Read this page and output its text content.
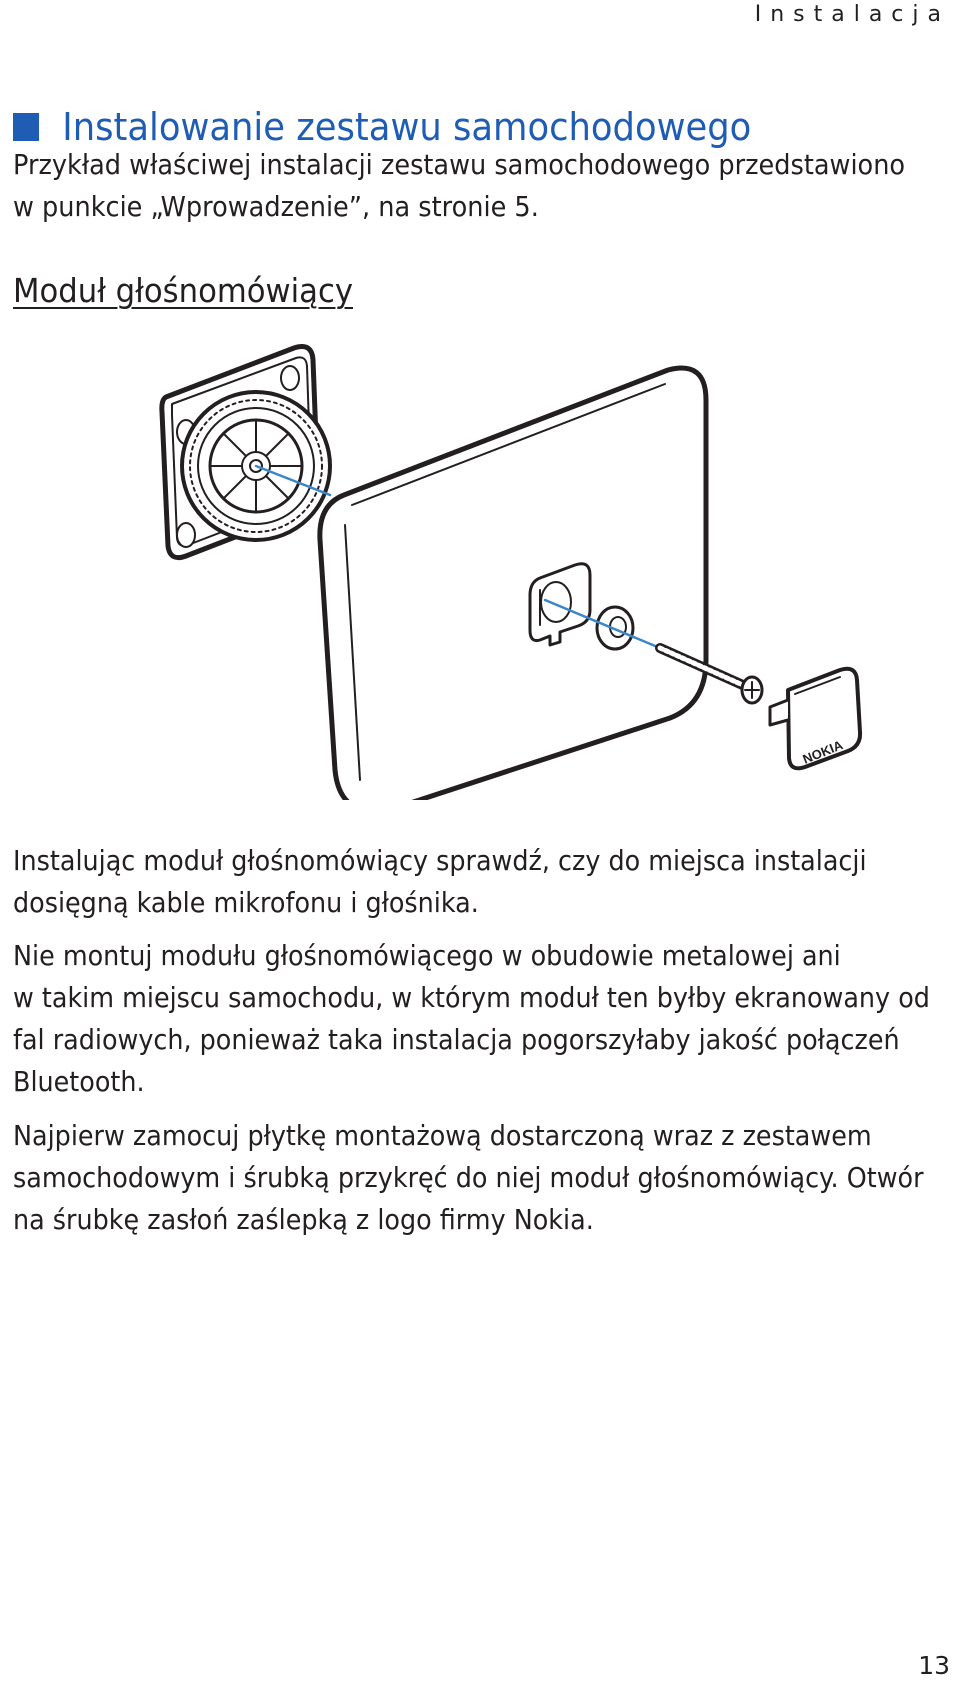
Instalacja
Instalowanie zestawu samochodowego

Przykład właściwej instalacji zestawu samochodowego przedstawiono
w punkcie „Wprowadzenie”, na stronie 5.

Moduł głośnomówiący
NOKIA

Instalując moduł głośnomówiący sprawdź, czy do miejsca instalacji
dosięgną kable mikrofonu i głośnika.

Nie montuj modułu głośnomówiącego w obudowie metalowej ani
w takim miejscu samochodu, w którym moduł ten byłby ekranowany od
fal radiowych, ponieważ taka instalacja pogorszyłaby jakość połączeń
Bluetooth.

Najpierw zamocuj płytkę montażową dostarczoną wraz z zestawem
samochodowym i śrubką przykręć do niej moduł głośnomówiący. Otwór
na śrubkę zasłoń zaślepką z logo firmy Nokia.

13
